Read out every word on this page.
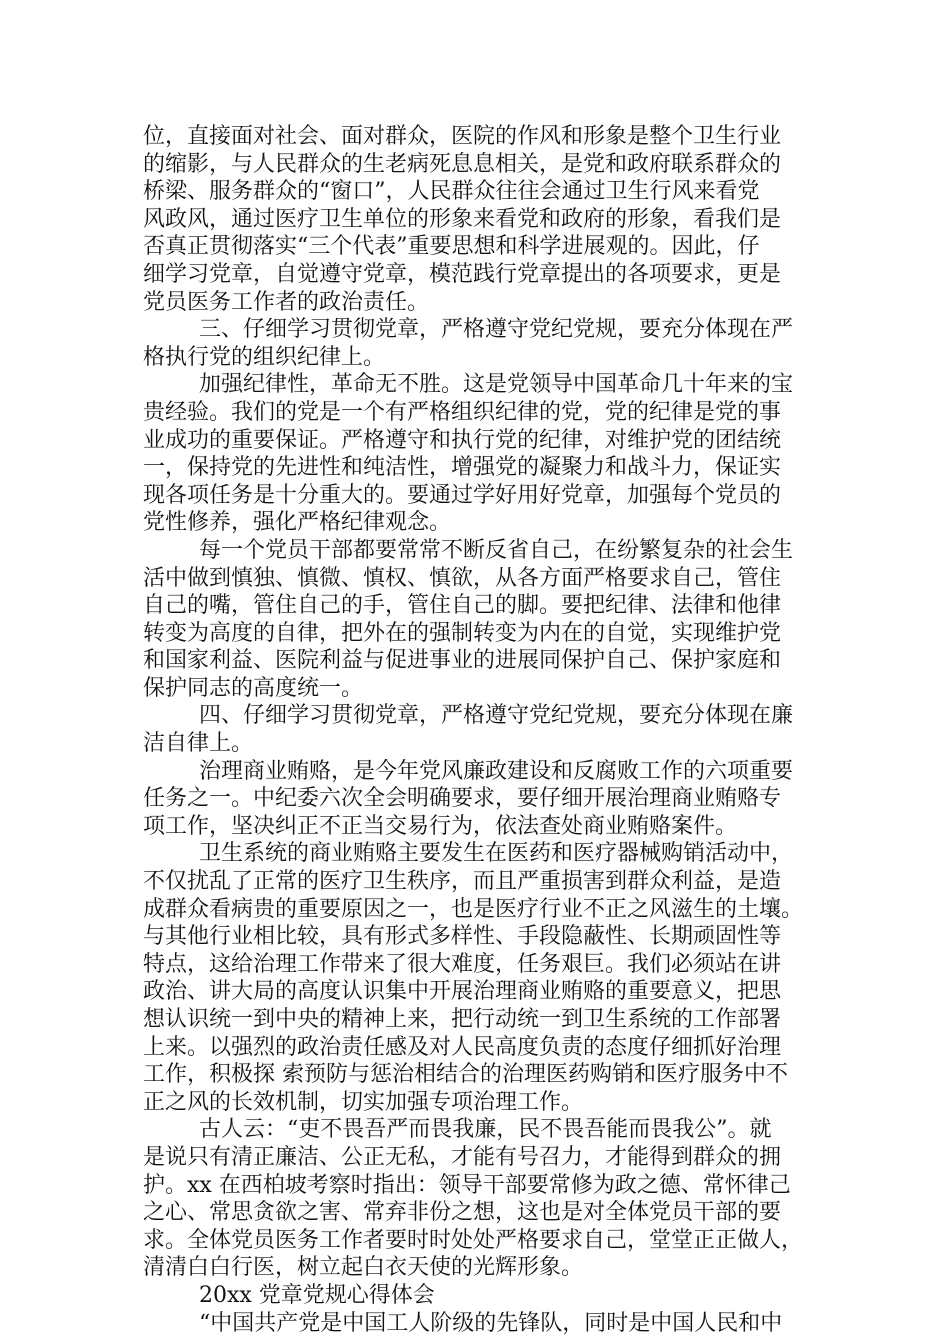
位，直接面对社会、面对群众，医院的作风和形象是整个卫生行业
的缩影，与人民群众的生老病死息息相关，是党和政府联系群众的
桥梁、服务群众的“窗口”，人民群众往往会通过卫生行风来看党
风政风，通过医疗卫生单位的形象来看党和政府的形象，看我们是
否真正贯彻落实“三个代表”重要思想和科学进展观的。因此，仔
细学习党章，自觉遵守党章，模范践行党章提出的各项要求，更是
党员医务工作者的政治责任。
三、仔细学习贯彻党章，严格遵守党纪党规，要充分体现在严
格执行党的组织纪律上。
加强纪律性，革命无不胜。这是党领导中国革命几十年来的宝
贵经验。我们的党是一个有严格组织纪律的党，党的纪律是党的事
业成功的重要保证。严格遵守和执行党的纪律，对维护党的团结统
一，保持党的先进性和纯洁性，增强党的凝聚力和战斗力，保证实
现各项任务是十分重大的。要通过学好用好党章，加强每个党员的
党性修养，强化严格纪律观念。
每一个党员干部都要常常不断反省自己，在纷繁复杂的社会生
活中做到慎独、慎微、慎权、慎欲，从各方面严格要求自己，管住
自己的嘴，管住自己的手，管住自己的脚。要把纪律、法律和他律
转变为高度的自律，把外在的强制转变为内在的自觉，实现维护党
和国家利益、医院利益与促进事业的进展同保护自己、保护家庭和
保护同志的高度统一。
四、仔细学习贯彻党章，严格遵守党纪党规，要充分体现在廉
洁自律上。
治理商业贿赂，是今年党风廉政建设和反腐败工作的六项重要
任务之一。中纪委六次全会明确要求，要仔细开展治理商业贿赂专
项工作，坚决纠正不正当交易行为，依法查处商业贿赂案件。
卫生系统的商业贿赂主要发生在医药和医疗器械购销活动中，
不仅扰乱了正常的医疗卫生秩序，而且严重损害到群众利益，是造
成群众看病贵的重要原因之一，也是医疗行业不正之风滋生的土壤。
与其他行业相比较，具有形式多样性、手段隐蔽性、长期顽固性等
特点，这给治理工作带来了很大难度，任务艰巨。我们必须站在讲
政治、讲大局的高度认识集中开展治理商业贿赂的重要意义，把思
想认识统一到中央的精神上来，把行动统一到卫生系统的工作部署
上来。以强烈的政治责任感及对人民高度负责的态度仔细抓好治理
工作，积极探 索预防与惩治相结合的治理医药购销和医疗服务中不
正之风的长效机制，切实加强专项治理工作。
古人云：“吏不畏吾严而畏我廉，民不畏吾能而畏我公”。就
是说只有清正廉洁、公正无私，才能有号召力，才能得到群众的拥
护。xx 在西柏坡考察时指出：领导干部要常修为政之德、常怀律己
之心、常思贪欲之害、常弃非份之想，这也是对全体党员干部的要
求。全体党员医务工作者要时时处处严格要求自己，堂堂正正做人，
清清白白行医，树立起白衣天使的光辉形象。
20xx 党章党规心得体会
“中国共产党是中国工人阶级的先锋队，同时是中国人民和中
